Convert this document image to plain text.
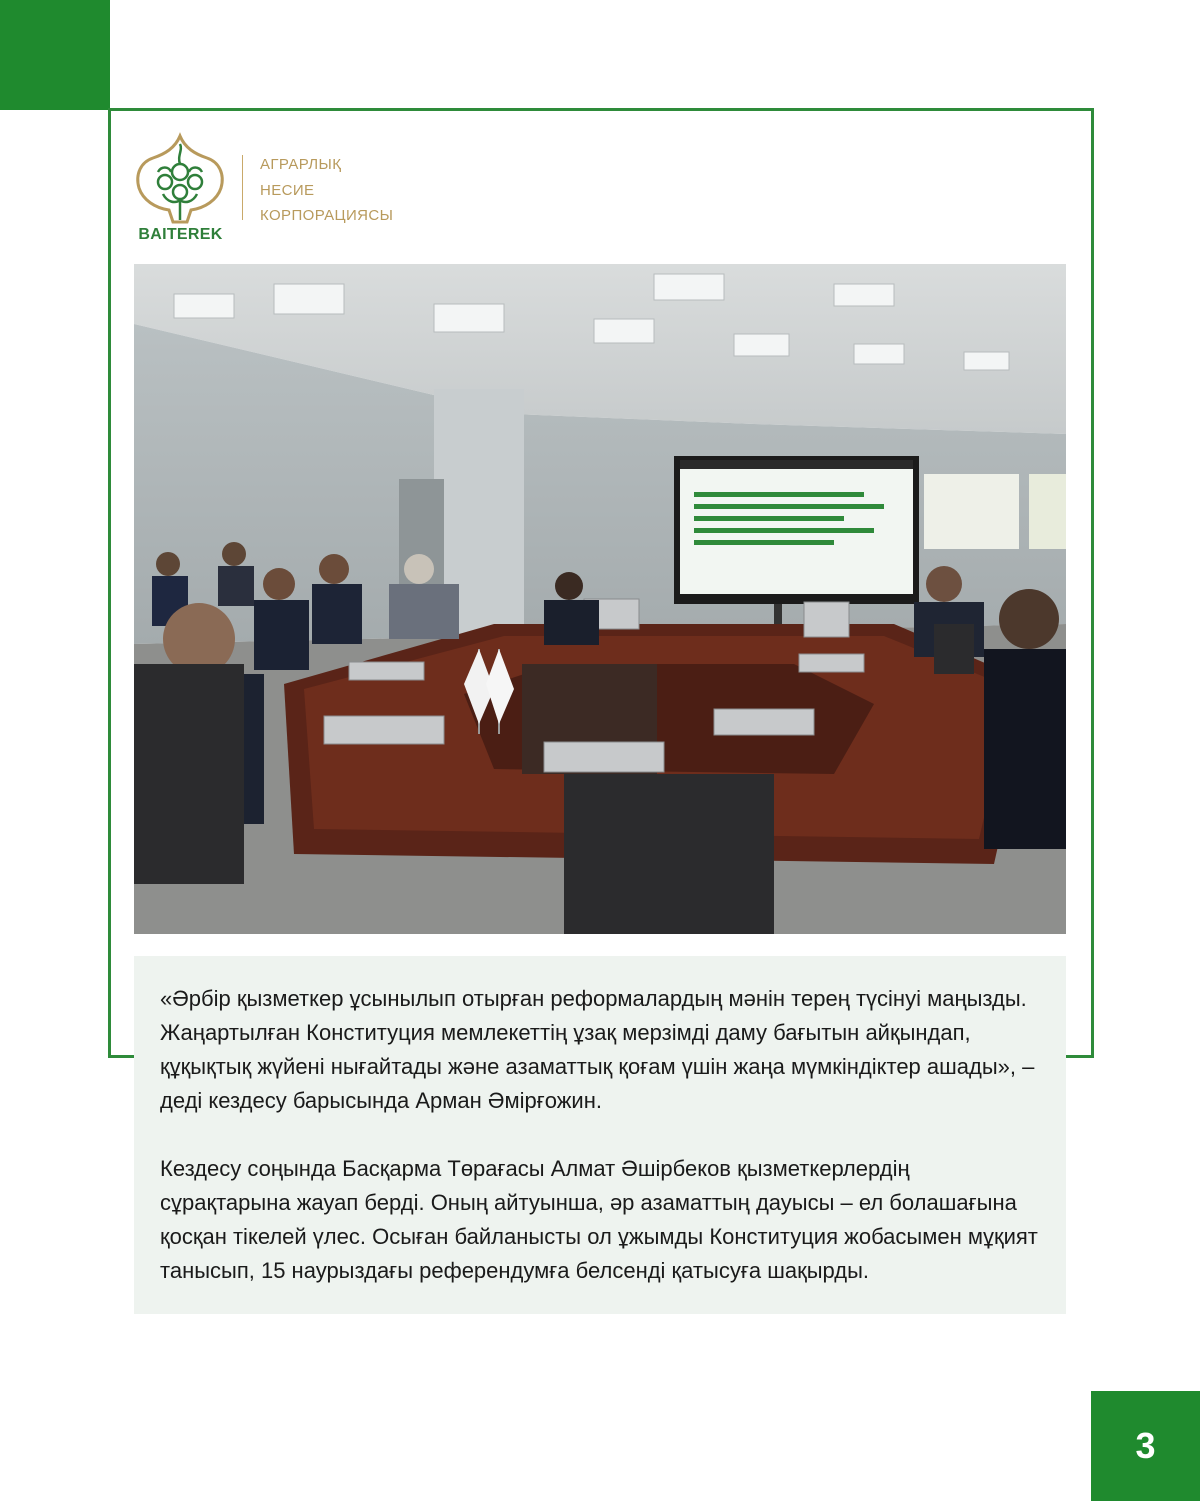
BAITEREK
АГРАРЛЫҚ
НЕСИЕ
КОРПОРАЦИЯСЫ

«Әрбір қызметкер ұсынылып отырған реформалардың мәнін терең түсінуі маңызды. Жаңартылған Конституция мемлекеттің ұзақ мерзімді даму бағытын айқындап, құқықтық жүйені нығайтады және азаматтық қоғам үшін жаңа мүмкіндіктер ашады», – деді кездесу барысында Арман Әмірғожин.

Кездесу соңында Басқарма Төрағасы Алмат Әшірбеков қызметкерлердің сұрақтарына жауап берді. Оның айтуынша, әр азаматтың дауысы – ел болашағына қосқан тікелей үлес. Осыған байланысты ол ұжымды Конституция жобасымен мұқият танысып, 15 наурыздағы референдумға белсенді қатысуға шақырды.

3
